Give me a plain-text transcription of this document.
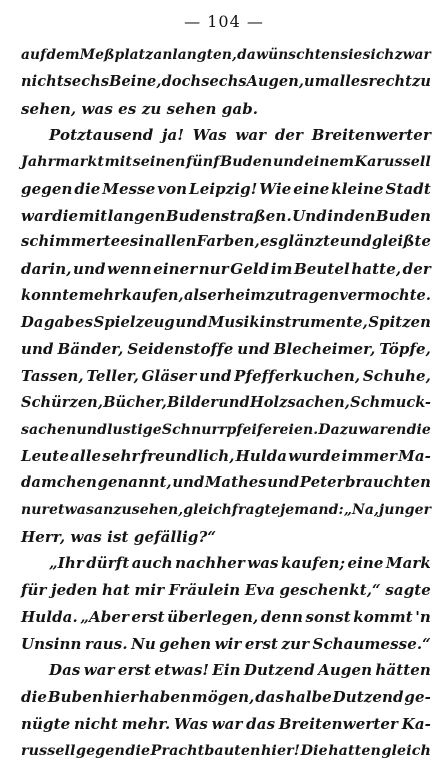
— 104 —
auf dem Meßplatz anlangten, da wünschten sie sich zwar
nicht sechs Beine, doch sechs Augen, um alles recht zu
sehen, was es zu sehen gab.
Potztausend ja! Was war der Breitenwerter
Jahrmarkt mit seinen fünf Buden und einem Karussell
gegen die Messe von Leipzig! Wie eine kleine Stadt
war die mit langen Budenstraßen. Und in den Buden
schimmerte es in allen Farben, es glänzte und gleißte
darin, und wenn einer nur Geld im Beutel hatte, der
konnte mehr kaufen, als er heimzutragen vermochte.
Da gab es Spielzeug und Musikinstrumente, Spitzen
und Bänder, Seidenstoffe und Blecheimer, Töpfe,
Tassen, Teller, Gläser und Pfefferkuchen, Schuhe,
Schürzen, Bücher, Bilder und Holzsachen, Schmuck-
sachen und lustige Schnurrpfeifereien. Dazu waren die
Leute alle sehr freundlich, Hulda wurde immer Ma-
damchen genannt, und Mathes und Peter brauchten
nur etwas anzusehen, gleich fragte jemand: „Na, junger
Herr, was ist gefällig?“
„Ihr dürft auch nachher was kaufen; eine Mark
für jeden hat mir Fräulein Eva geschenkt,“ sagte
Hulda. „Aber erst überlegen, denn sonst kommt 'n
Unsinn raus. Nu gehen wir erst zur Schaumesse.“
Das war erst etwas! Ein Dutzend Augen hätten
die Buben hier haben mögen, das halbe Dutzend ge-
nügte nicht mehr. Was war das Breitenwerter Ka-
russell gegen die Prachtbauten hier! Die hatten gleich
